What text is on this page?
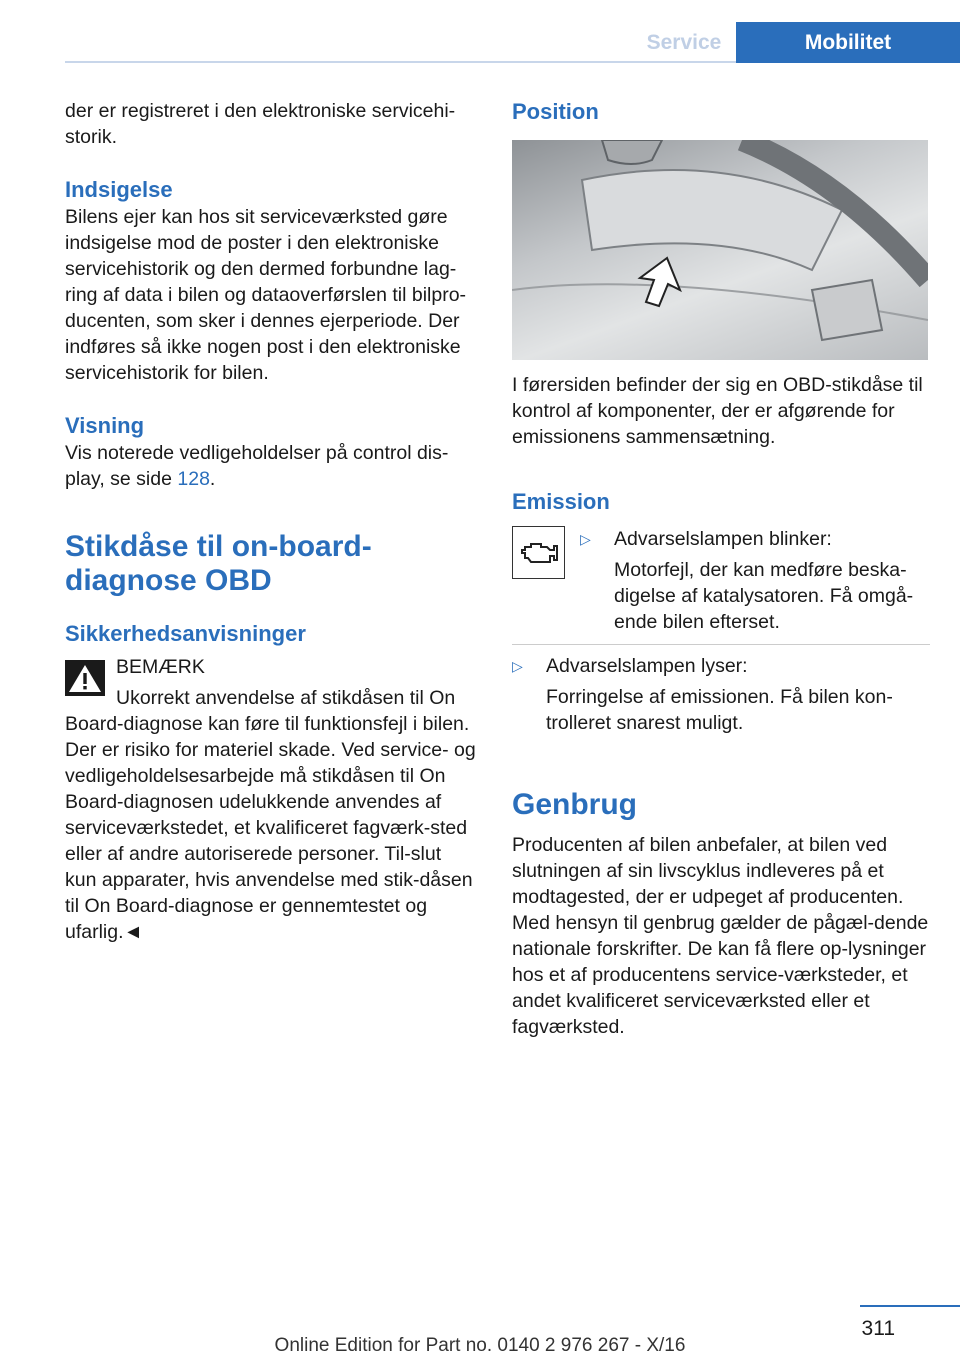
Service	Mobilitet

der er registreret i den elektroniske servicehi-storik.

Indsigelse

Bilens ejer kan hos sit serviceværksted gøre indsigelse mod de poster i den elektroniske servicehistorik og den dermed forbundne lag-ring af data i bilen og dataoverførslen til bilpro-ducenten, som sker i dennes ejerperiode. Der indføres så ikke nogen post i den elektroniske servicehistorik for bilen.

Visning

Vis noterede vedligeholdelser på control dis-play, se side 128.

Stikdåse til on-board-diagnose OBD
Sikkerhedsanvisninger
BEMÆRK
Ukorrekt anvendelse af stikdåsen til On

Board-diagnose kan føre til funktionsfejl i bilen. Der er risiko for materiel skade. Ved service- og vedligeholdelsesarbejde må stikdåsen til On Board-diagnosen udelukkende anvendes af serviceværkstedet, et kvalificeret fagværk-sted eller af andre autoriserede personer. Til-slut kun apparater, hvis anvendelse med stik-dåsen til On Board-diagnose er gennemtestet og ufarlig.◄

Position

I førersiden befinder der sig en OBD-stikdåse til kontrol af komponenter, der er afgørende for emissionens sammensætning.

Emission
▷	Advarselslampen blinker:

Motorfejl, der kan medføre beska-digelse af katalysatoren. Få omgå-ende bilen efterset.

▷	Advarselslampen lyser:

Forringelse af emissionen. Få bilen kon-trolleret snarest muligt.

Genbrug

Producenten af bilen anbefaler, at bilen ved slutningen af sin livscyklus indleveres på et modtagested, der er udpeget af producenten. Med hensyn til genbrug gælder de pågæl-dende nationale forskrifter. De kan få flere op-lysninger hos et af producentens service-værksteder, et andet kvalificeret serviceværksted eller et fagværksted.

311
Online Edition for Part no. 0140 2 976 267 - X/16
